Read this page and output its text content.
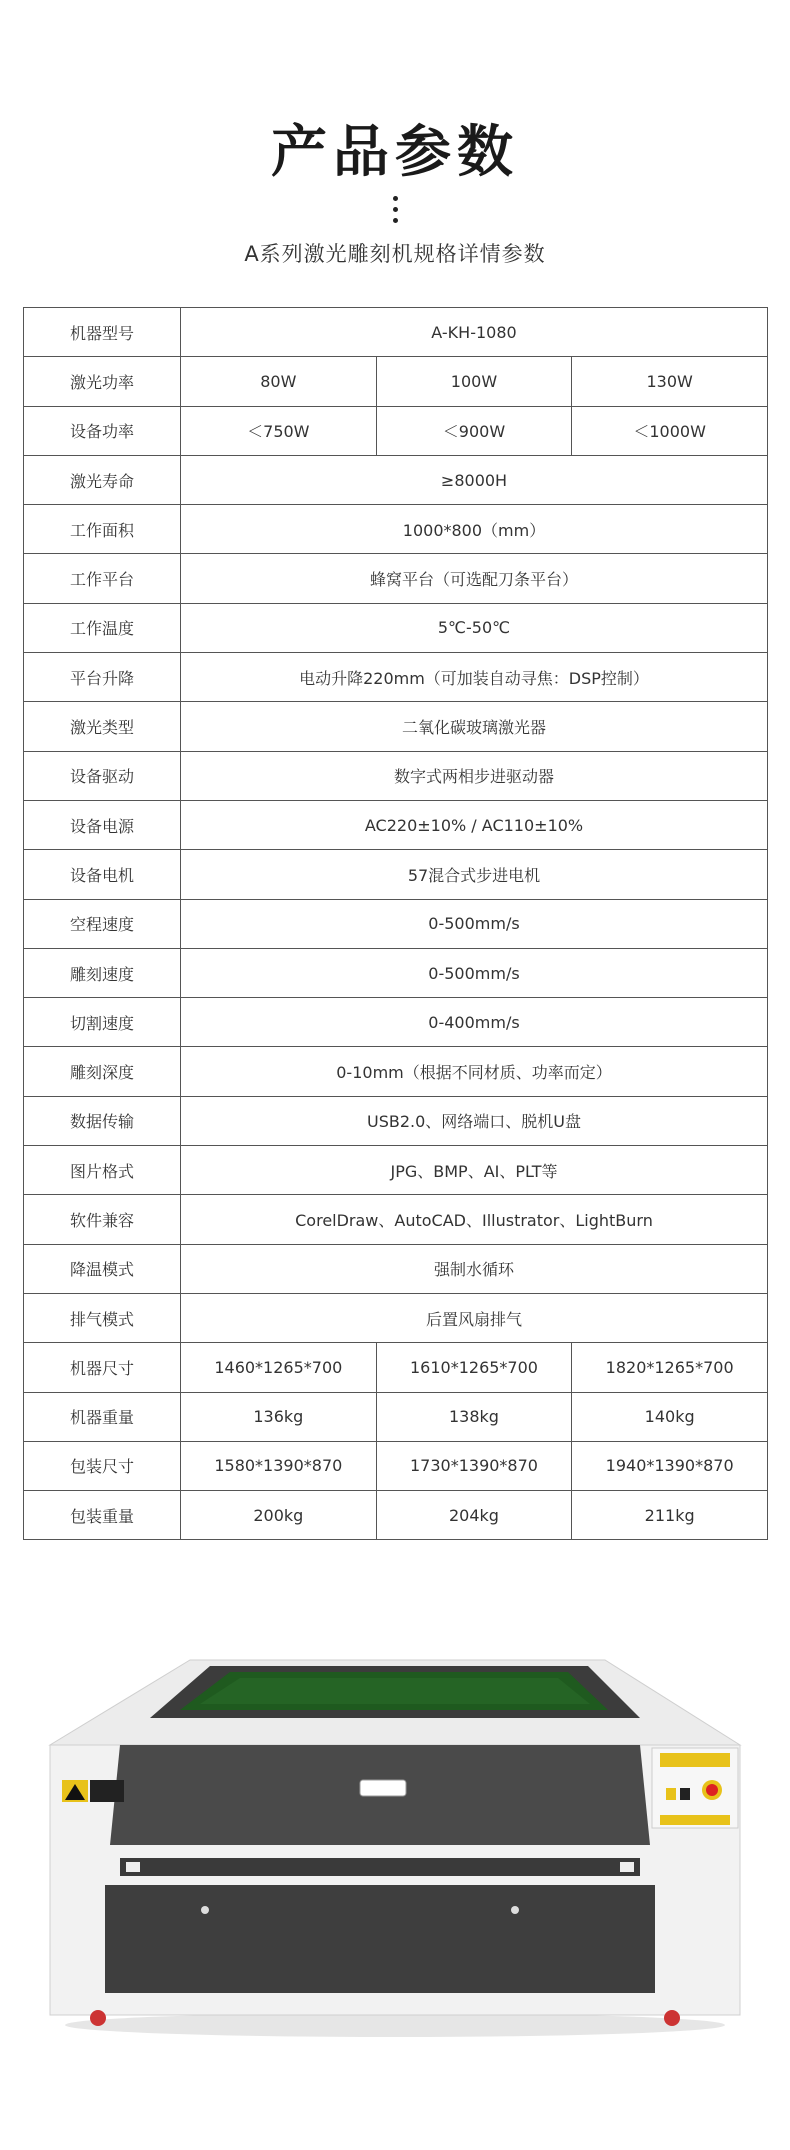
产品参数
A系列激光雕刻机规格详情参数
机器型号	A-KH-1080		
激光功率	80W	100W	130W
设备功率	＜750W	＜900W	＜1000W
激光寿命	≥8000H		
工作面积	1000*800（mm）		
工作平台	蜂窝平台（可选配刀条平台）		
工作温度	5℃-50℃		
平台升降	电动升降220mm（可加装自动寻焦：DSP控制）		
激光类型	二氧化碳玻璃激光器		
设备驱动	数字式两相步进驱动器		
设备电源	AC220±10% / AC110±10%		
设备电机	57混合式步进电机		
空程速度	0-500mm/s		
雕刻速度	0-500mm/s		
切割速度	0-400mm/s		
雕刻深度	0-10mm（根据不同材质、功率而定）		
数据传输	USB2.0、网络端口、脱机U盘		
图片格式	JPG、BMP、AI、PLT等		
软件兼容	CorelDraw、AutoCAD、Illustrator、LightBurn		
降温模式	强制水循环		
排气模式	后置风扇排气		
机器尺寸	1460*1265*700	1610*1265*700	1820*1265*700
机器重量	136kg	138kg	140kg
包装尺寸	1580*1390*870	1730*1390*870	1940*1390*870
包装重量	200kg	204kg	211kg
